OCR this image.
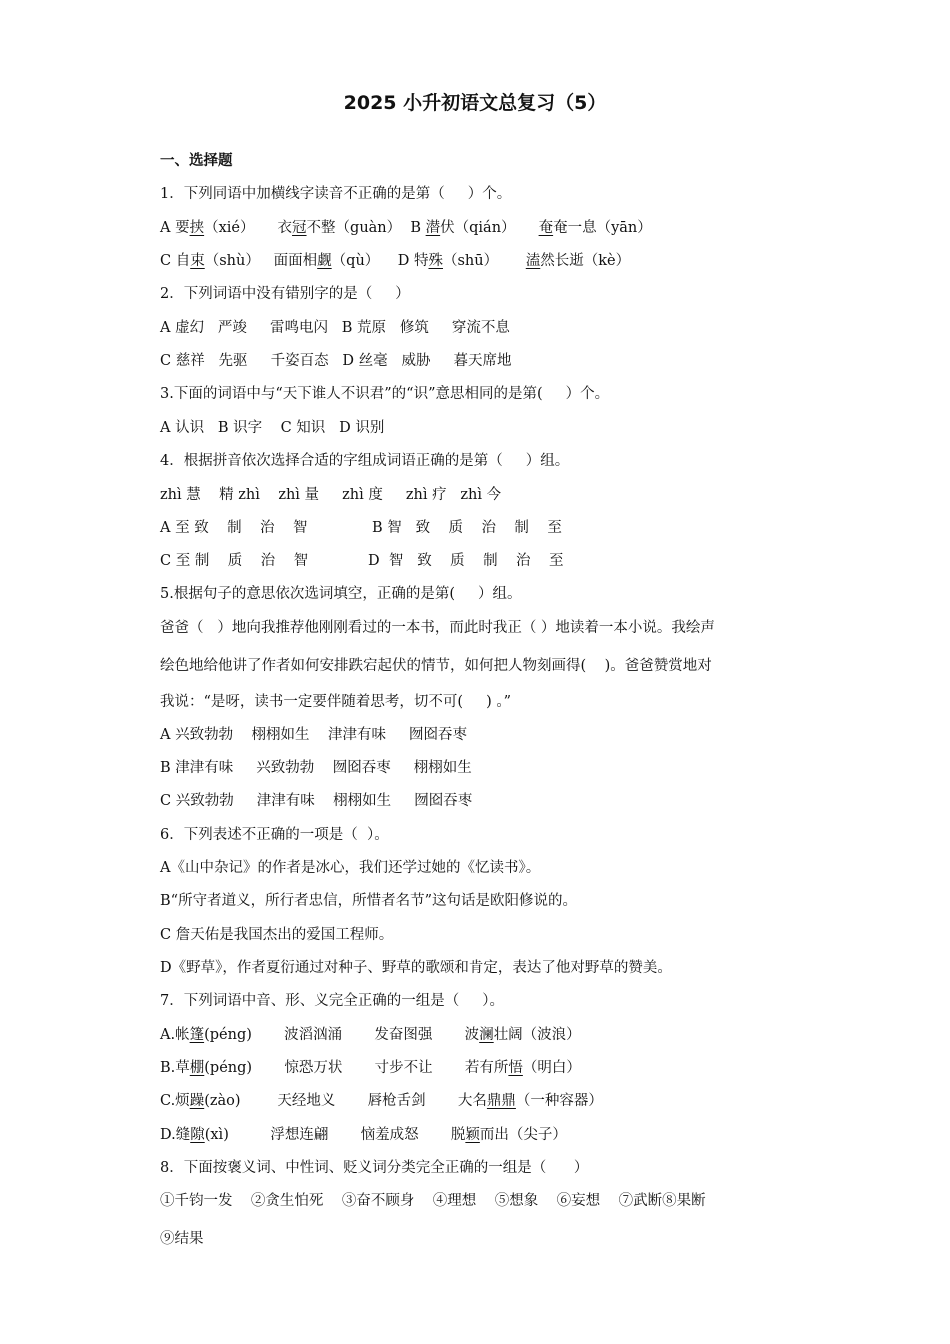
2025 小升初语文总复习（5）
一、选择题
1．下列同语中加横线字读音不正确的是第（     ）个。
A 要挟（xié）     衣冠不整（guàn）  B 潜伏（qián）     奄奄一息（yān）
C 自束（shù）   面面相觑（qù）    D 特殊（shū）      溘然长逝（kè）
2．下列词语中没有错别字的是（     ）
A 虚幻   严竣     雷鸣电闪   B 荒原   修筑     穿流不息
C 慈祥   先驱     千姿百态   D 丝毫   威胁     暮天席地
3.下面的词语中与“天下谁人不识君”的“识”意思相同的是第(     ）个。
A 认识   B 识字    C 知识   D 识别
4．根据拼音依次选择合适的字组成词语正确的是第（     ）组。
zhì 慧    精 zhì    zhì 量     zhì 度     zhì 疗   zhì 今
A 至 致    制    治    智              B 智   致    质    治    制    至
C 至 制    质    治    智             D  智   致    质    制    治    至
5.根据句子的意思依次选词填空，正确的是第(     ）组。
爸爸（   ）地向我推荐他刚刚看过的一本书，而此时我正（ ）地读着一本小说。我绘声
绘色地给他讲了作者如何安排跌宕起伏的情节，如何把人物刻画得(    )。爸爸赞赏地对
我说：“是呀，读书一定要伴随着思考，切不可(     ) 。”
A 兴致勃勃    栩栩如生    津津有味     囫囵吞枣
B 津津有味     兴致勃勃    囫囵吞枣     栩栩如生
C 兴致勃勃     津津有味    栩栩如生     囫囵吞枣
6．下列表述不正确的一项是（  ）。
A《山中杂记》的作者是冰心，我们还学过她的《忆读书》。
B“所守者道义，所行者忠信，所惜者名节”这句话是欧阳修说的。
C 詹天佑是我国杰出的爱国工程师。
D《野草》，作者夏衍通过对种子、野草的歌颂和肯定，表达了他对野草的赞美。
7．下列词语中音、形、义完全正确的一组是（     ）。
A.帐篷(péng)       波滔汹涌       发奋图强       波澜壮阔（波浪）
B.草棚(péng)       惊恐万状       寸步不让       若有所悟（明白）
C.烦躁(zào)        天经地义       唇枪舌剑       大名鼎鼎（一种容器）
D.缝隙(xì)         浮想连翩       恼羞成怒       脱颖而出（尖子）
8．下面按褒义词、中性词、贬义词分类完全正确的一组是（      ）
①千钧一发    ②贪生怕死    ③奋不顾身    ④理想    ⑤想象    ⑥妄想    ⑦武断⑧果断
⑨结果
